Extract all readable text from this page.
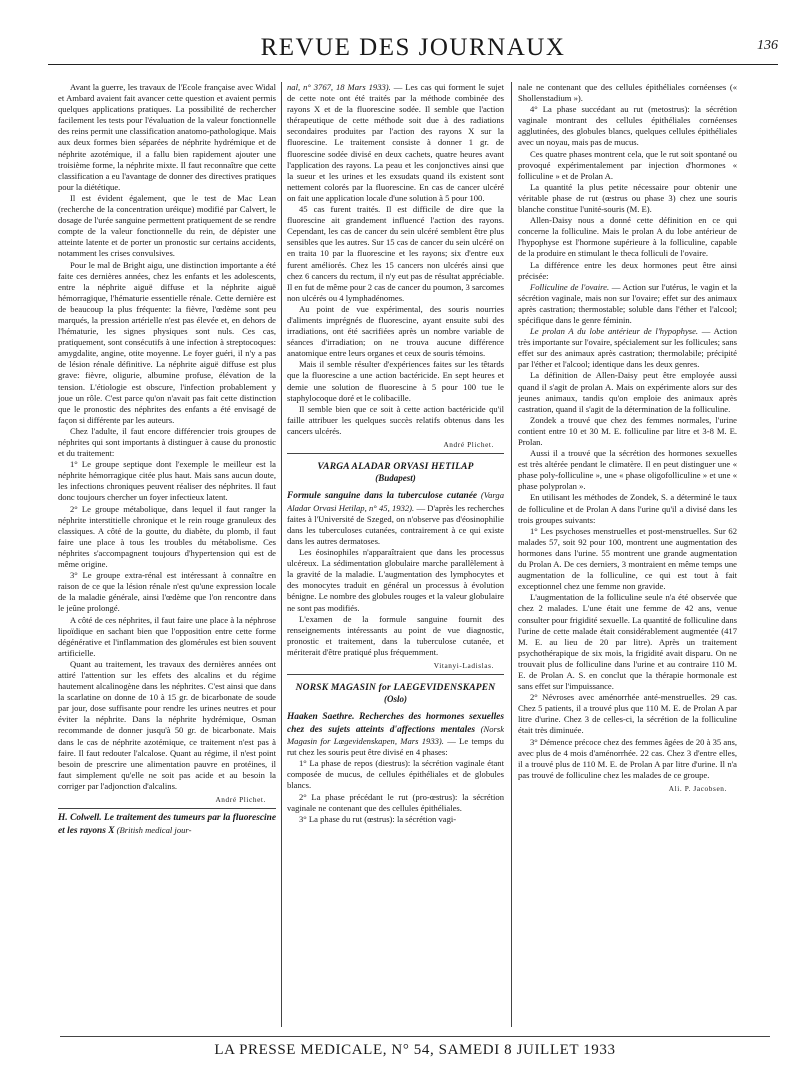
REVUE DES JOURNAUX	136

Avant la guerre, les travaux de l'Ecole française avec Widal et Ambard avaient fait avancer cette question et avaient permis quelques applications pratiques. La possibilité de rechercher facilement les tests pour l'évaluation de la valeur fonctionnelle des reins permit une classification anatomo-pathologique. Mais aux deux formes bien séparées de néphrite hydrémique et de néphrite azotémique, il a fallu bien rapidement ajouter une troisième forme, la néphrite mixte. Il faut reconnaître que cette classification a eu l'avantage de donner des directives pratiques pour la diététique.

Il est évident également, que le test de Mac Lean (recherche de la concentration uréique) modifié par Calvert, le dosage de l'urée sanguine permettent pratiquement de se rendre compte de la valeur fonctionnelle du rein, de dépister une atteinte latente et de porter un pronostic sur certains accidents, notamment les crises convulsives.

Pour le mal de Bright aigu, une distinction importante a été faite ces dernières années, chez les enfants et les adolescents, entre la néphrite aiguë diffuse et la néphrite aiguë hémorragique, l'hématurie essentielle rénale. Cette dernière est de beaucoup la plus fréquente: la fièvre, l'œdème sont peu marqués, la pression artérielle n'est pas élevée et, en dehors de l'hématurie, les signes physiques sont nuls. Ces cas, pratiquement, sont consécutifs à une infection à streptocoques: amygdalite, angine, otite moyenne. Le foyer guéri, il n'y a pas de lésion rénale définitive. La néphrite aiguë diffuse est plus grave: fièvre, oligurie, albumine profuse, élévation de la tension. L'étiologie est obscure, l'infection probablement y joue un rôle. C'est parce qu'on n'avait pas fait cette distinction que le pronostic des néphrites des enfants a été envisagé de façon si différente par les auteurs.

Chez l'adulte, il faut encore différencier trois groupes de néphrites qui sont importants à distinguer à cause du pronostic et du traitement:

1° Le groupe septique dont l'exemple le meilleur est la néphrite hémorragique citée plus haut. Mais sans aucun doute, les infections chroniques peuvent réaliser des néphrites. Il faut donc toujours chercher un foyer infectieux latent.

2° Le groupe métabolique, dans lequel il faut ranger la néphrite interstitielle chronique et le rein rouge granuleux des classiques. A côté de la goutte, du diabète, du plomb, il faut faire une place à tous les troubles du métabolisme. Ces néphrites s'accompagnent toujours d'hypertension qui est de même origine.

3° Le groupe extra-rénal est intéressant à connaître en raison de ce que la lésion rénale n'est qu'une expression locale de la maladie générale, ainsi l'œdème que l'on rencontre dans le jeûne prolongé.

A côté de ces néphrites, il faut faire une place à la néphrose lipoïdique en sachant bien que l'opposition entre cette forme dégénérative et l'inflammation des glomérules est bien souvent artificielle.

Quant au traitement, les travaux des dernières années ont attiré l'attention sur les effets des alcalins et du régime hautement alcalinogène dans les néphrites. C'est ainsi que dans la scarlatine on donne de 10 à 15 gr. de bicarbonate de soude par jour, dose suffisante pour rendre les urines neutres et pour éviter la néphrite. Dans la néphrite hydrémique, Osman recommande de donner jusqu'à 50 gr. de bicarbonate. Mais dans le cas de néphrite azotémique, ce traitement n'est pas à faire. Il faut redouter l'alcalose. Quant au régime, il n'est point besoin de prescrire une alimentation pauvre en protéines, il faut simplement qu'elle ne soit pas acide et au besoin la corriger par l'adjonction d'alcalins.

André Plichet.

H. Colwell. Le traitement des tumeurs par la fluorescine et les rayons X (British medical jour-

nal, n° 3767, 18 Mars 1933). — Les cas qui forment le sujet de cette note ont été traités par la méthode combinée des rayons X et de la fluorescine sodée. Il semble que l'action thérapeutique de cette méthode soit due à des radiations secondaires produites par l'action des rayons X sur la fluorescine. Le traitement consiste à donner 1 gr. de fluorescine sodée divisé en deux cachets, quatre heures avant l'application des rayons. La peau et les conjonctives ainsi que la sueur et les urines et les exsudats quand ils existent sont nettement colorés par la fluorescine. En cas de cancer ulcéré on fait une application locale d'une solution à 5 pour 100.

45 cas furent traités. Il est difficile de dire que la fluorescine ait grandement influencé l'action des rayons. Cependant, les cas de cancer du sein ulcéré semblent être plus sensibles que les autres. Sur 15 cas de cancer du sein ulcéré on en traita 10 par la fluorescine et les rayons; six d'entre eux furent améliorés. Chez les 15 cancers non ulcérés ainsi que chez 6 cancers du rectum, il n'y eut pas de résultat appréciable. Il en fut de même pour 2 cas de cancer du poumon, 3 sarcomes non ulcérés ou 4 lymphadénomes.

Au point de vue expérimental, des souris nourries d'aliments imprégnés de fluorescine, ayant ensuite subi des irradiations, ont été sacrifiées après un nombre variable de séances d'irradiation; on ne trouva aucune différence anatomique entre leurs organes et ceux de souris témoins.

Mais il semble résulter d'expériences faites sur les têtards que la fluorescine a une action bactéricide. En sept heures et demie une solution de fluorescine à 5 pour 100 tue le staphylocoque doré et le colibacille.

Il semble bien que ce soit à cette action bactéricide qu'il faille attribuer les quelques succès relatifs obtenus dans les cancers ulcérés.

André Plichet.
VARGA ALADAR ORVASI HETILAP
(Budapest)

Formule sanguine dans la tuberculose cutanée (Varga Aladar Orvasi Hetilap, n° 45, 1932). — D'après les recherches faites à l'Université de Szeged, on n'observe pas d'éosinophilie dans les tuberculoses cutanées, contrairement à ce qui existe dans les autres dermatoses.

Les éosinophiles n'apparaîtraient que dans les processus ulcéreux. La sédimentation globulaire marche parallèlement à la gravité de la maladie. L'augmentation des lymphocytes et des monocytes traduit en général un processus à évolution bénigne. Le nombre des globules rouges et la valeur globulaire ne sont pas modifiés.

L'examen de la formule sanguine fournit des renseignements intéressants au point de vue diagnostic, pronostic et traitement, dans la tuberculose cutanée, et mériterait d'être pratiqué plus fréquemment.

Vitanyi-Ladislas.
NORSK MAGASIN for LAEGEVIDENSKAPEN
(Oslo)

Haaken Saethre. Recherches des hormones sexuelles chez des sujets atteints d'affections mentales (Norsk Magasin for Lægevidenskapen, Mars 1933). — Le temps du rut chez les souris peut être divisé en 4 phases:

1° La phase de repos (diestrus): la sécrétion vaginale étant composée de mucus, de cellules épithéliales et de globules blancs.

2° La phase précédant le rut (pro-œstrus): la sécrétion vaginale ne contenant que des cellules épithéliales.

3° La phase du rut (œstrus): la sécrétion vagi-

nale ne contenant que des cellules épithéliales cornéenses (« Shollenstadium »).

4° La phase succédant au rut (metostrus): la sécrétion vaginale montrant des cellules épithéliales cornéenses agglutinées, des globules blancs, quelques cellules épithéliales avec un noyau, mais pas de mucus.

Ces quatre phases montrent cela, que le rut soit spontané ou provoqué expérimentalement par injection d'hormones « folliculine » et de Prolan A.

La quantité la plus petite nécessaire pour obtenir une véritable phase de rut (œstrus ou phase 3) chez une souris blanche constitue l'unité-souris (M. E).

Allen-Daisy nous a donné cette définition en ce qui concerne la folliculine. Mais le prolan A du lobe antérieur de l'hypophyse est l'hormone supérieure à la folliculine, capable de la produire en stimulant le theca folliculi de l'ovaire.

La différence entre les deux hormones peut être ainsi précisée:

Folliculine de l'ovaire. — Action sur l'utérus, le vagin et la sécrétion vaginale, mais non sur l'ovaire; effet sur des animaux après castration; thermostable; soluble dans l'éther et l'alcool; spécifique dans le genre féminin.

Le prolan A du lobe antérieur de l'hypophyse. — Action très importante sur l'ovaire, spécialement sur les follicules; sans effet sur des animaux après castration; thermolabile; précipité par l'éther et l'alcool; identique dans les deux genres.

La définition de Allen-Daisy peut être employée aussi quand il s'agit de prolan A. Mais on expérimente alors sur des jeunes animaux, tandis qu'on emploie des animaux après castration, quand il s'agit de la détermination de la folliculine.

Zondek a trouvé que chez des femmes normales, l'urine contient entre 10 et 30 M. E. folliculine par litre et 3-8 M. E. Prolan.

Aussi il a trouvé que la sécrétion des hormones sexuelles est très altérée pendant le climatère. Il en peut distinguer une « phase poly-folliculine », une « phase oligofolliculine » et une « phase polyprolan ».

En utilisant les méthodes de Zondek, S. a déterminé le taux de folliculine et de Prolan A dans l'urine qu'il a divisé dans les trois groupes suivants:

1° Les psychoses menstruelles et post-menstruelles. Sur 62 malades 57, soit 92 pour 100, montrent une augmentation des hormones dans l'urine. 55 montrent une grande augmentation du Prolan A. De ces derniers, 3 montraient en même temps une augmentation de la folliculine, ce qui est tout à fait exceptionnel chez une femme non gravide.

L'augmentation de la folliculine seule n'a été observée que chez 2 malades. L'une était une femme de 42 ans, venue consulter pour frigidité sexuelle. La quantité de folliculine dans l'urine de cette malade était considérablement augmentée (417 M. E. au lieu de 20 par litre). Après un traitement psychothérapique de six mois, la frigidité avait disparu. On ne trouvait plus de folliculine dans l'urine et au contraire 110 M. E. de Prolan A. S. en conclut que la thérapie hormonale est sans effet sur l'impuissance.

2° Névroses avec aménorrhée anté-menstruelles. 29 cas. Chez 5 patients, il a trouvé plus que 110 M. E. de Prolan A par litre d'urine. Chez 3 de celles-ci, la sécrétion de la folliculine était très diminuée.

3° Démence précoce chez des femmes âgées de 20 à 35 ans, avec plus de 4 mois d'aménorrhée. 22 cas. Chez 3 d'entre elles, il a trouvé plus de 110 M. E. de Prolan A par litre d'urine. Il n'a pas trouvé de folliculine chez les malades de ce groupe.

Ali. P. Jacobsen.
LA PRESSE MEDICALE, N° 54, SAMEDI 8 JUILLET 1933
